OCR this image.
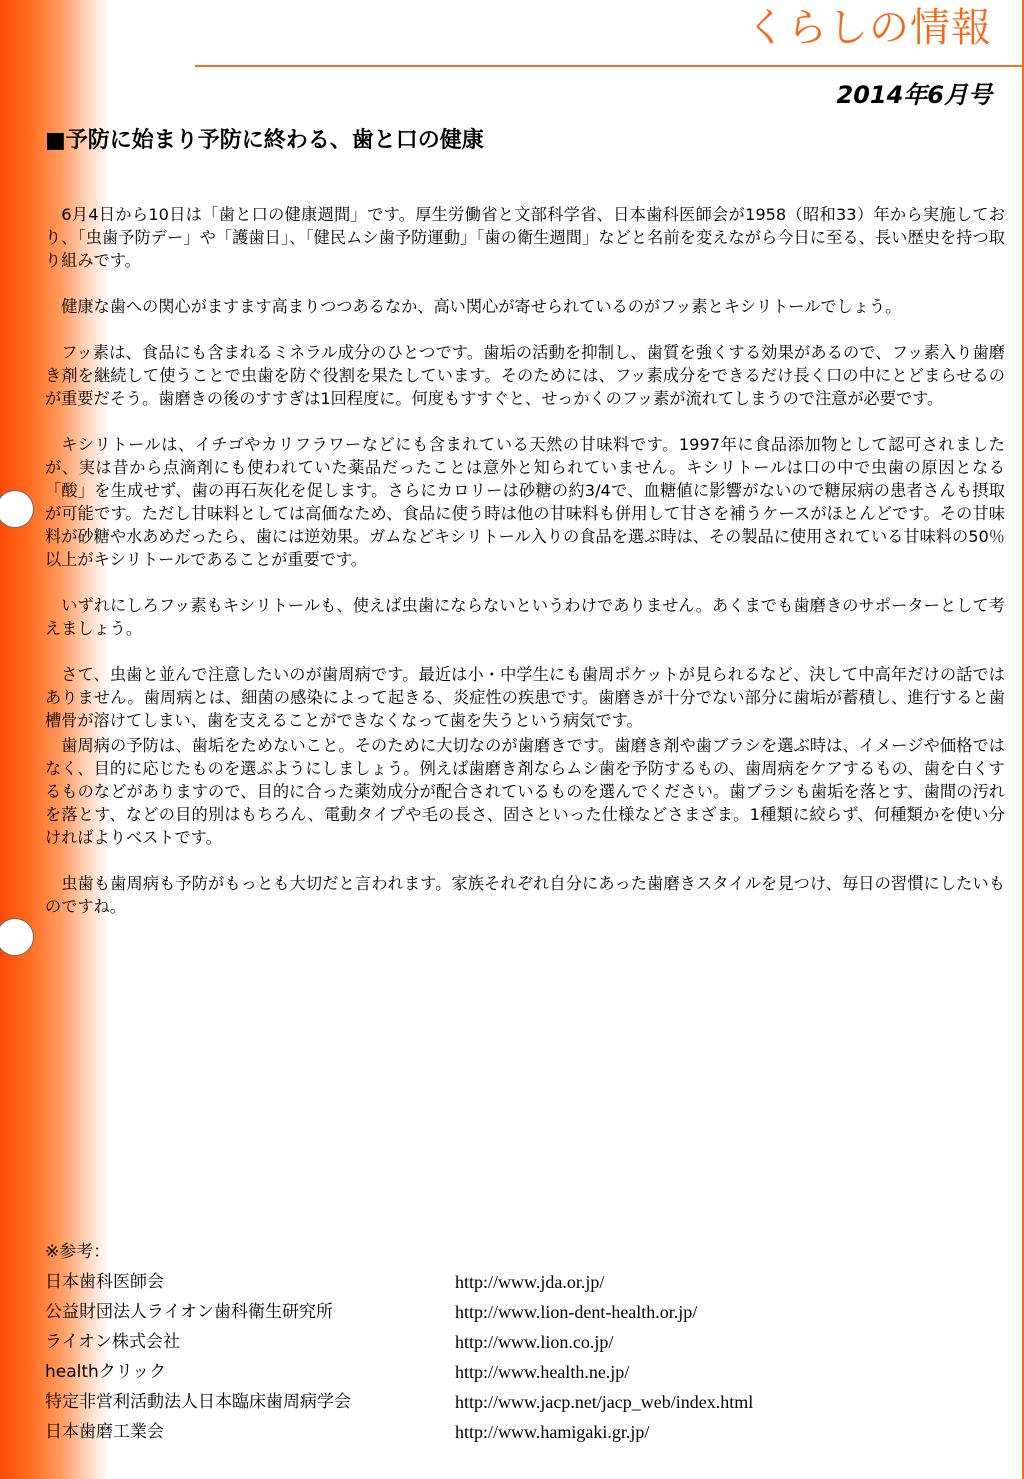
くらしの情報
2014年6月号
■予防に始まり予防に終わる、歯と口の健康

6月4日から10日は「歯と口の健康週間」です。厚生労働省と文部科学省、日本歯科医師会が1958（昭和33）年から実施しており、「虫歯予防デー」や「護歯日」、「健民ムシ歯予防運動」「歯の衛生週間」などと名前を変えながら今日に至る、長い歴史を持つ取り組みです。

健康な歯への関心がますます高まりつつあるなか、高い関心が寄せられているのがフッ素とキシリトールでしょう。

フッ素は、食品にも含まれるミネラル成分のひとつです。歯垢の活動を抑制し、歯質を強くする効果があるので、フッ素入り歯磨き剤を継続して使うことで虫歯を防ぐ役割を果たしています。そのためには、フッ素成分をできるだけ長く口の中にとどまらせるのが重要だそう。歯磨きの後のすすぎは1回程度に。何度もすすぐと、せっかくのフッ素が流れてしまうので注意が必要です。

キシリトールは、イチゴやカリフラワーなどにも含まれている天然の甘味料です。1997年に食品添加物として認可されましたが、実は昔から点滴剤にも使われていた薬品だったことは意外と知られていません。キシリトールは口の中で虫歯の原因となる「酸」を生成せず、歯の再石灰化を促します。さらにカロリーは砂糖の約3/4で、血糖値に影響がないので糖尿病の患者さんも摂取が可能です。ただし甘味料としては高価なため、食品に使う時は他の甘味料も併用して甘さを補うケースがほとんどです。その甘味料が砂糖や水あめだったら、歯には逆効果。ガムなどキシリトール入りの食品を選ぶ時は、その製品に使用されている甘味料の50％以上がキシリトールであることが重要です。

いずれにしろフッ素もキシリトールも、使えば虫歯にならないというわけでありません。あくまでも歯磨きのサポーターとして考えましょう。

さて、虫歯と並んで注意したいのが歯周病です。最近は小・中学生にも歯周ポケットが見られるなど、決して中高年だけの話ではありません。歯周病とは、細菌の感染によって起きる、炎症性の疾患です。歯磨きが十分でない部分に歯垢が蓄積し、進行すると歯槽骨が溶けてしまい、歯を支えることができなくなって歯を失うという病気です。

歯周病の予防は、歯垢をためないこと。そのために大切なのが歯磨きです。歯磨き剤や歯ブラシを選ぶ時は、イメージや価格ではなく、目的に応じたものを選ぶようにしましょう。例えば歯磨き剤ならムシ歯を予防するもの、歯周病をケアするもの、歯を白くするものなどがありますので、目的に合った薬効成分が配合されているものを選んでください。歯ブラシも歯垢を落とす、歯間の汚れを落とす、などの目的別はもちろん、電動タイプや毛の長さ、固さといった仕様などさまざま。1種類に絞らず、何種類かを使い分ければよりベストです。

虫歯も歯周病も予防がもっとも大切だと言われます。家族それぞれ自分にあった歯磨きスタイルを見つけ、毎日の習慣にしたいものですね。

※参考：
日本歯科医師会	http://www.jda.or.jp/
公益財団法人ライオン歯科衛生研究所	http://www.lion-dent-health.or.jp/
ライオン株式会社	http://www.lion.co.jp/
healthクリック	http://www.health.ne.jp/
特定非営利活動法人日本臨床歯周病学会	http://www.jacp.net/jacp_web/index.html
日本歯磨工業会	http://www.hamigaki.gr.jp/
